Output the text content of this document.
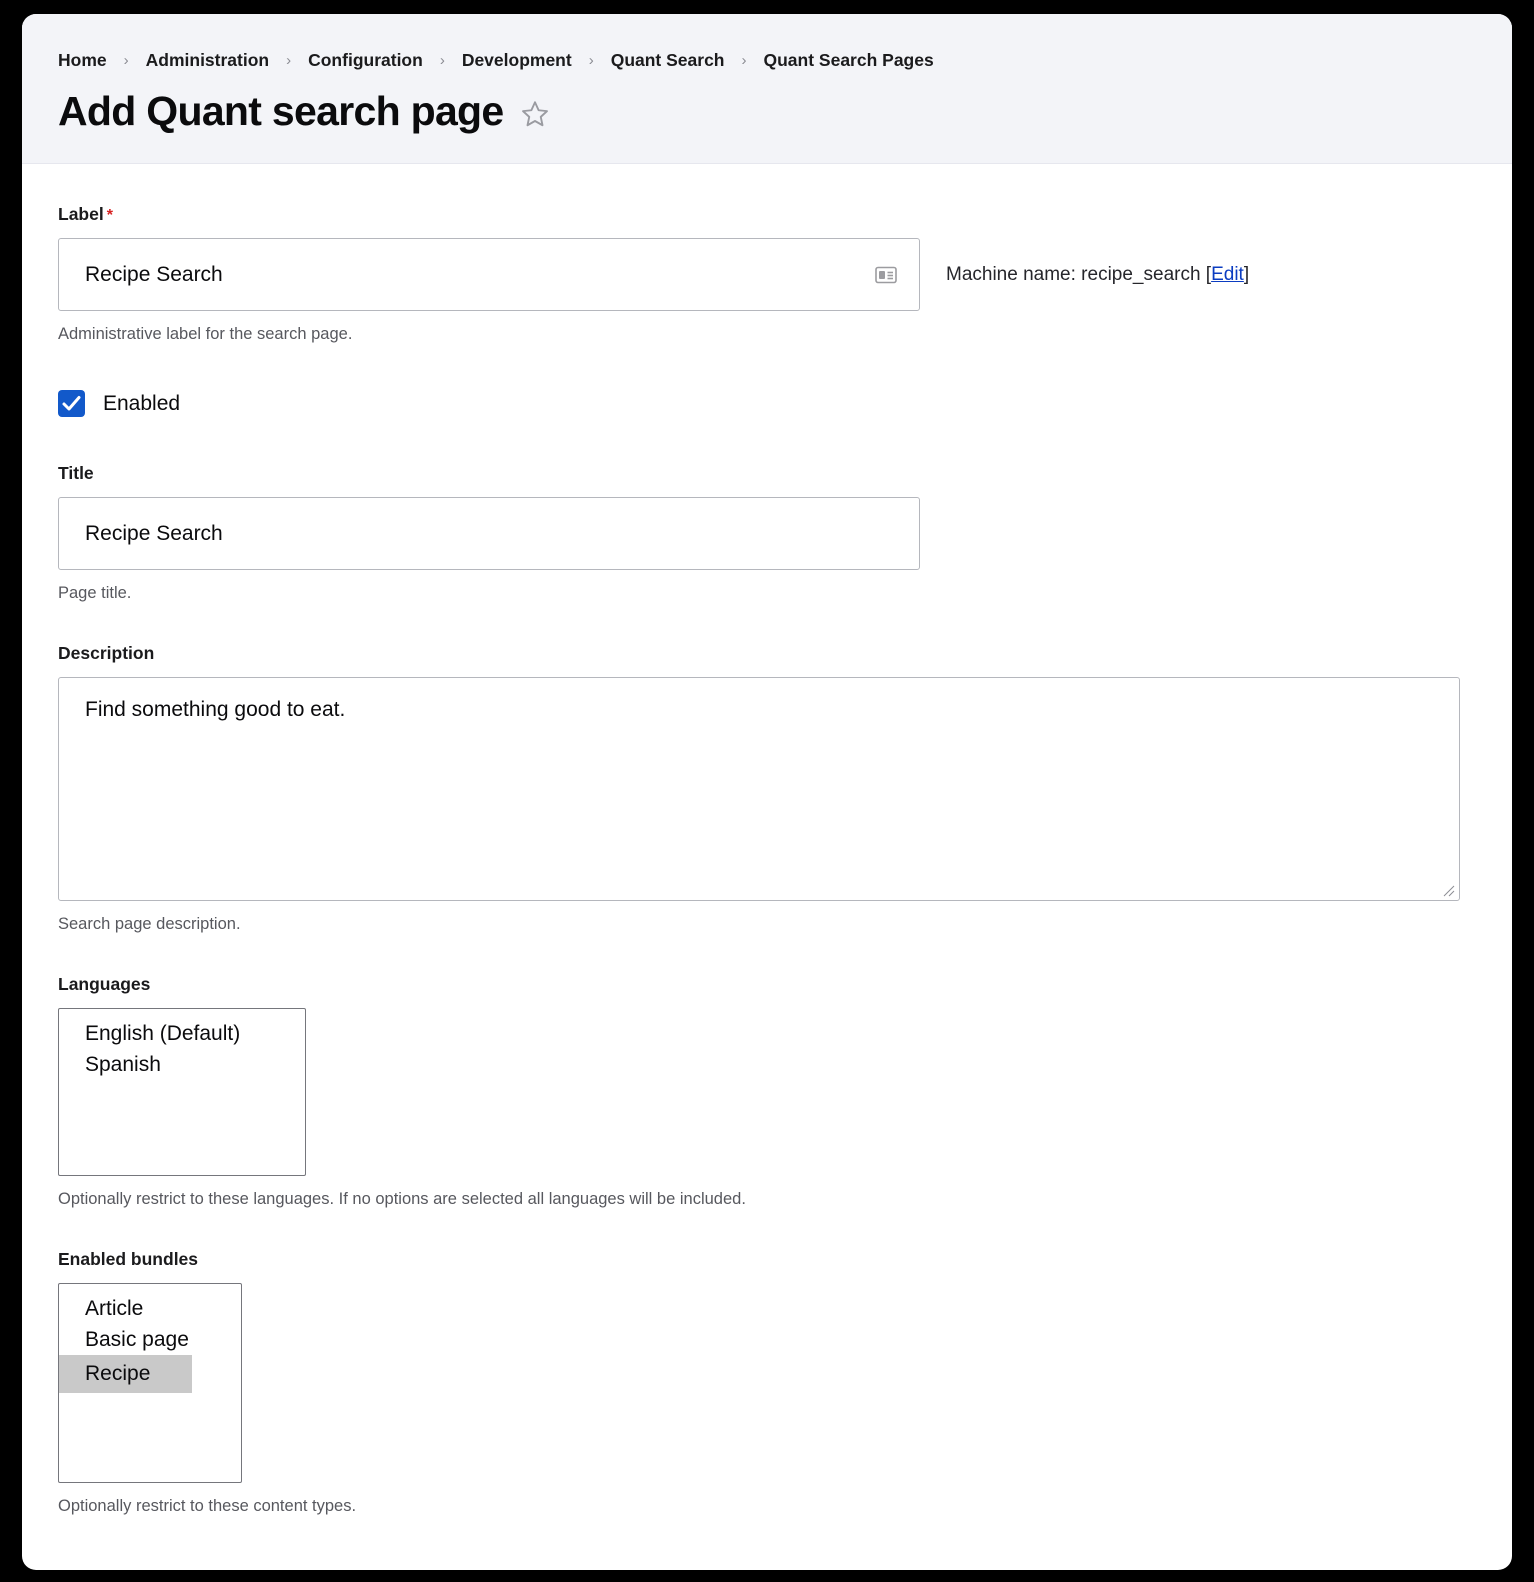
Home › Administration › Configuration › Development › Quant Search › Quant Search Pages
Add Quant search page
Label *
Recipe Search
Machine name: recipe_search [Edit]

Administrative label for the search page.

Enabled
Title
Recipe Search

Page title.

Description
Find something good to eat.

Search page description.

Languages
English (Default)
Spanish

Optionally restrict to these languages. If no options are selected all languages will be included.

Enabled bundles
Article
Basic page
Recipe

Optionally restrict to these content types.
